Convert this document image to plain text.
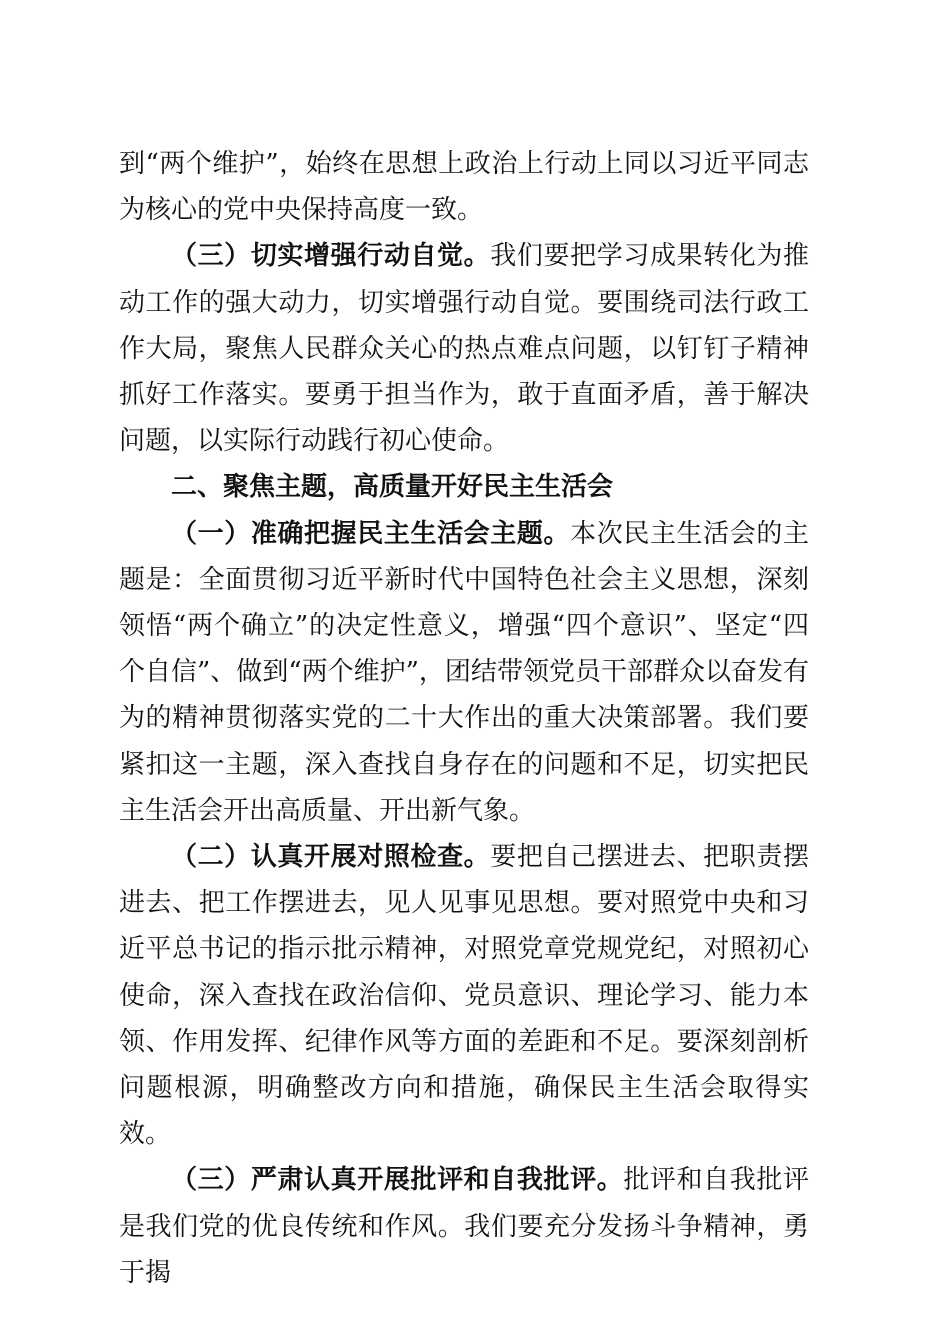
到“两个维护”，始终在思想上政治上行动上同以习近平同志为核心的党中央保持高度一致。

（三）切实增强行动自觉。我们要把学习成果转化为推动工作的强大动力，切实增强行动自觉。要围绕司法行政工作大局，聚焦人民群众关心的热点难点问题，以钉钉子精神抓好工作落实。要勇于担当作为，敢于直面矛盾，善于解决问题，以实际行动践行初心使命。

二、聚焦主题，高质量开好民主生活会

（一）准确把握民主生活会主题。本次民主生活会的主题是：全面贯彻习近平新时代中国特色社会主义思想，深刻领悟“两个确立”的决定性意义，增强“四个意识”、坚定“四个自信”、做到“两个维护”，团结带领党员干部群众以奋发有为的精神贯彻落实党的二十大作出的重大决策部署。我们要紧扣这一主题，深入查找自身存在的问题和不足，切实把民主生活会开出高质量、开出新气象。

（二）认真开展对照检查。要把自己摆进去、把职责摆进去、把工作摆进去，见人见事见思想。要对照党中央和习近平总书记的指示批示精神，对照党章党规党纪，对照初心使命，深入查找在政治信仰、党员意识、理论学习、能力本领、作用发挥、纪律作风等方面的差距和不足。要深刻剖析问题根源，明确整改方向和措施，确保民主生活会取得实效。

（三）严肃认真开展批评和自我批评。批评和自我批评是我们党的优良传统和作风。我们要充分发扬斗争精神，勇于揭
